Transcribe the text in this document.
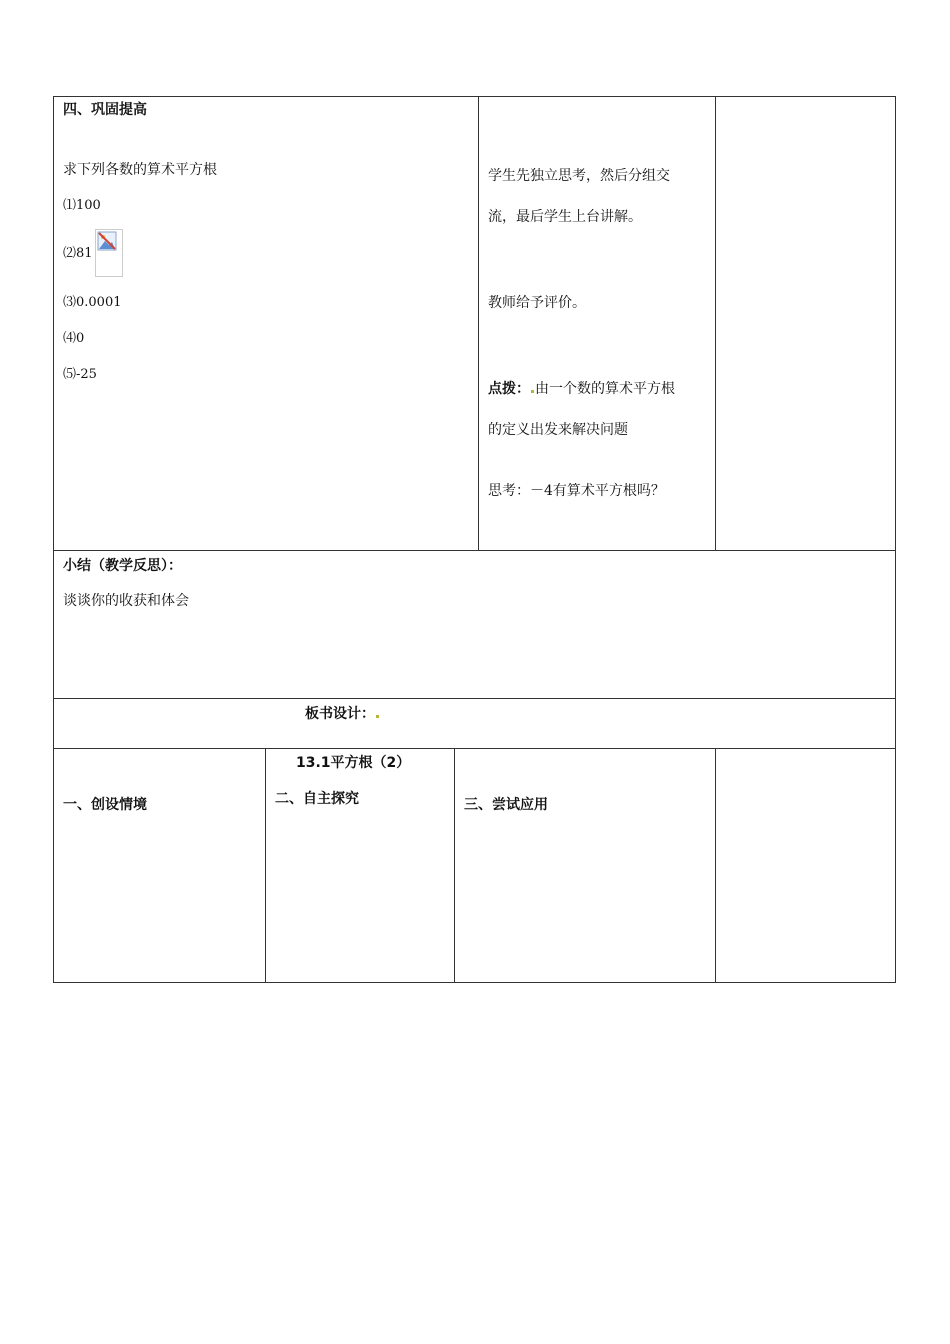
四、巩固提高
求下列各数的算术平方根
⑴100
⑵81
⑶0.0001
⑷0
⑸-25
学生先独立思考，然后分组交
流，最后学生上台讲解。
教师给予评价。
点拨： 由一个数的算术平方根
的定义出发来解决问题
思考：－4有算术平方根吗？
小结（教学反思）：
谈谈你的收获和体会
板书设计：
13.1平方根（2）
一、创设情境	二、自主探究	三、尝试应用
